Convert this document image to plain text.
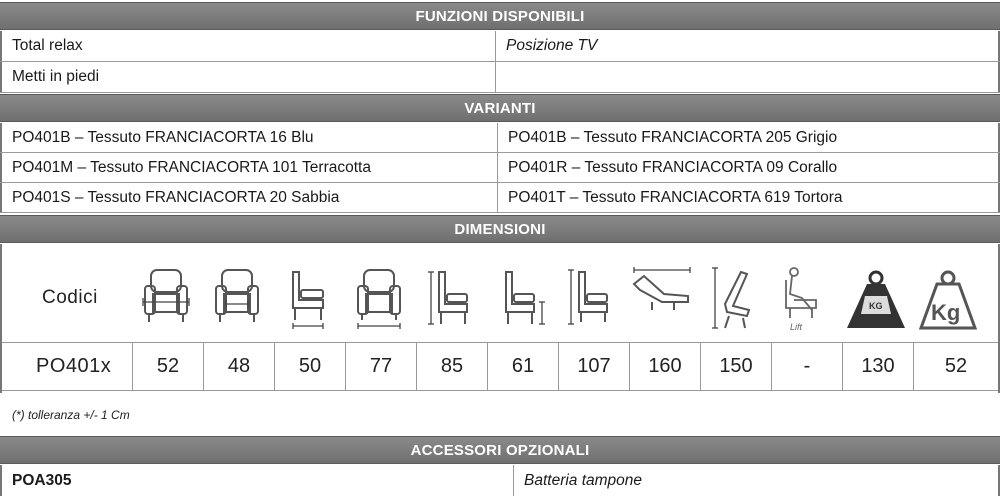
FUNZIONI DISPONIBILI
Total relax	Posizione TV
Metti in piedi
VARIANTI
PO401B – Tessuto FRANCIACORTA 16 Blu	PO401B – Tessuto FRANCIACORTA 205 Grigio
PO401M – Tessuto FRANCIACORTA 101 Terracotta	PO401R – Tessuto FRANCIACORTA 09 Corallo
PO401S – Tessuto FRANCIACORTA 20 Sabbia	PO401T – Tessuto FRANCIACORTA 619 Tortora
DIMENSIONI
Codici
Lift
KG Kg
PO401x	52	48	50	77	85	61	107	160	150	-	130	52
(*) tolleranza +/- 1 Cm
ACCESSORI OPZIONALI
POA305	Batteria tampone
